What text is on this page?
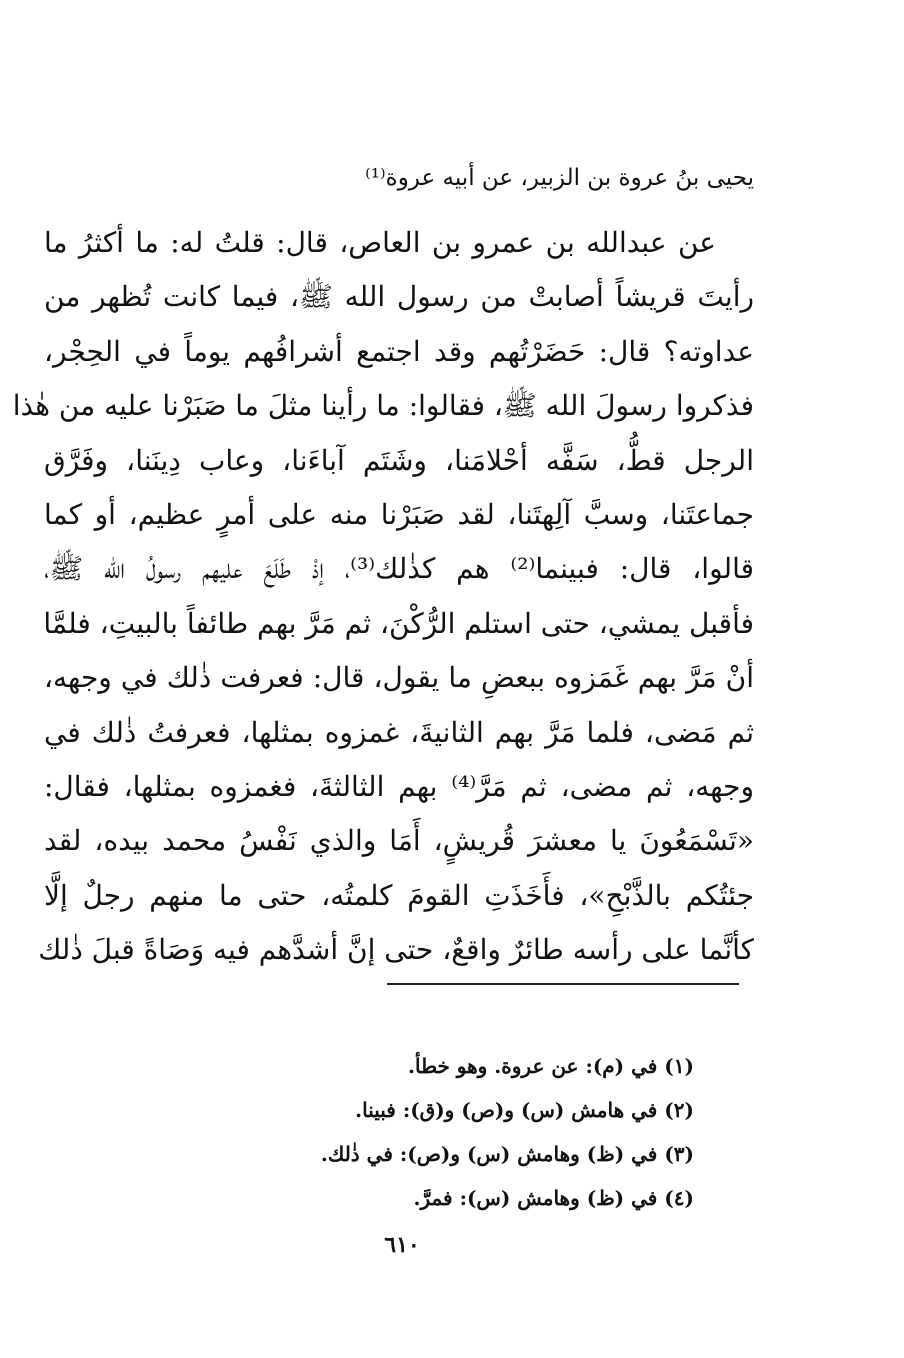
يحيى بنُ عروة بن الزبير، عن أبيه عروة⁽¹⁾
عن عبدالله بن عمرو بن العاص، قال: قلتُ له: ما أكثرُ ما
رأيتَ قريشاً أصابتْ من رسول الله ﷺ، فيما كانت تُظهر من
عداوته؟ قال: حَضَرْتُهم وقد اجتمع أشرافُهم يوماً في الحِجْر،
فذكروا رسولَ الله ﷺ، فقالوا: ما رأينا مثلَ ما صَبَرْنا عليه من هٰذا
الرجل قطُّ، سَفَّه أحْلامَنا، وشَتَم آباءَنا، وعاب دِينَنا، وفَرَّق
جماعتَنا، وسبَّ آلِهتَنا، لقد صَبَرْنا منه على أمرٍ عظيم، أو كما
قالوا، قال: فبينما⁽²⁾ هم كذٰلك⁽³⁾، إذْ طَلَعَ عليهم رسولُ الله ﷺ،
فأقبل يمشي، حتى استلم الرُّكْنَ، ثم مَرَّ بهم طائفاً بالبيتِ، فلمَّا
أنْ مَرَّ بهم غَمَزوه ببعضِ ما يقول، قال: فعرفت ذٰلك في وجهه،
ثم مَضى، فلما مَرَّ بهم الثانيةَ، غمزوه بمثلها، فعرفتُ ذٰلك في
وجهه، ثم مضى، ثم مَرَّ⁽⁴⁾ بهم الثالثةَ، فغمزوه بمثلها، فقال:
«تَسْمَعُونَ يا معشرَ قُريشٍ، أَمَا والذي نَفْسُ محمد بيده، لقد
جئتُكم بالذَّبْحِ»، فأَخَذَتِ القومَ كلمتُه، حتى ما منهم رجلٌ إلَّا
كأنَّما على رأسه طائرٌ واقعٌ، حتى إنَّ أشدَّهم فيه وَصَاةً قبلَ ذٰلك
(١) في (م): عن عروة. وهو خطأ.
(٢) في هامش (س) و(ص) و(ق): فبينا.
(٣) في (ظ) وهامش (س) و(ص): في ذٰلك.
(٤) في (ظ) وهامش (س): فمرَّ.
٦١٠
